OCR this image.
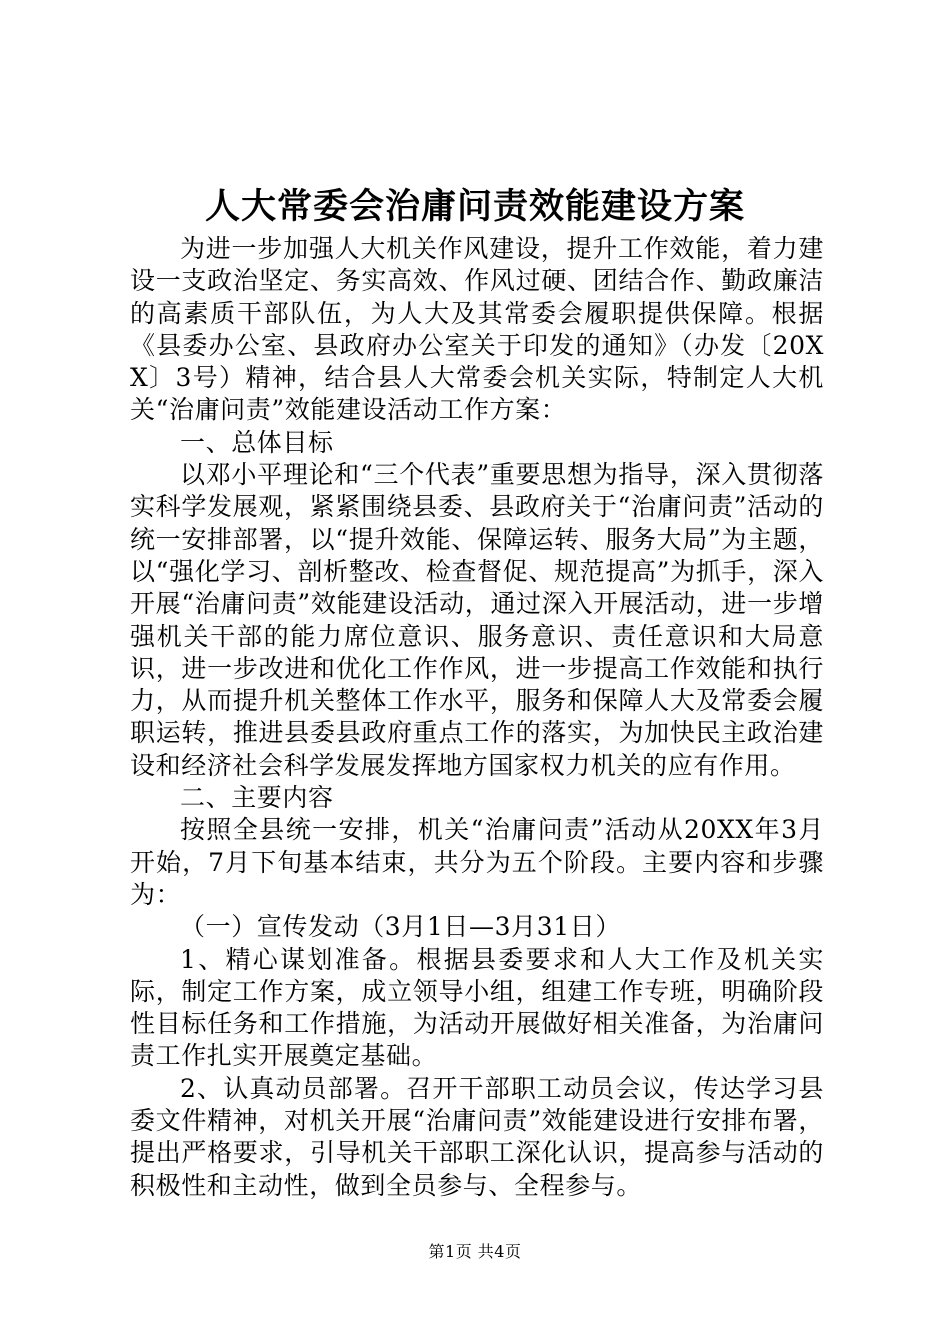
人大常委会治庸问责效能建设方案

为进一步加强人大机关作风建设，提升工作效能，着力建设一支政治坚定、务实高效、作风过硬、团结合作、勤政廉洁的高素质干部队伍，为人大及其常委会履职提供保障。根据《县委办公室、县政府办公室关于印发的通知》（办发〔20XX〕3号）精神，结合县人大常委会机关实际，特制定人大机关“治庸问责”效能建设活动工作方案：

一、总体目标

以邓小平理论和“三个代表”重要思想为指导，深入贯彻落实科学发展观，紧紧围绕县委、县政府关于“治庸问责”活动的统一安排部署，以“提升效能、保障运转、服务大局”为主题，以“强化学习、剖析整改、检查督促、规范提高”为抓手，深入开展“治庸问责”效能建设活动，通过深入开展活动，进一步增强机关干部的能力席位意识、服务意识、责任意识和大局意识，进一步改进和优化工作作风，进一步提高工作效能和执行力，从而提升机关整体工作水平，服务和保障人大及常委会履职运转，推进县委县政府重点工作的落实，为加快民主政治建设和经济社会科学发展发挥地方国家权力机关的应有作用。

二、主要内容

按照全县统一安排，机关“治庸问责”活动从20XX年3月开始，7月下旬基本结束，共分为五个阶段。主要内容和步骤为：

（一）宣传发动（3月1日—3月31日）

1、精心谋划准备。根据县委要求和人大工作及机关实际，制定工作方案，成立领导小组，组建工作专班，明确阶段性目标任务和工作措施，为活动开展做好相关准备，为治庸问责工作扎实开展奠定基础。

2、认真动员部署。召开干部职工动员会议，传达学习县委文件精神，对机关开展“治庸问责”效能建设进行安排布署，提出严格要求，引导机关干部职工深化认识，提高参与活动的积极性和主动性，做到全员参与、全程参与。

第1页 共4页
